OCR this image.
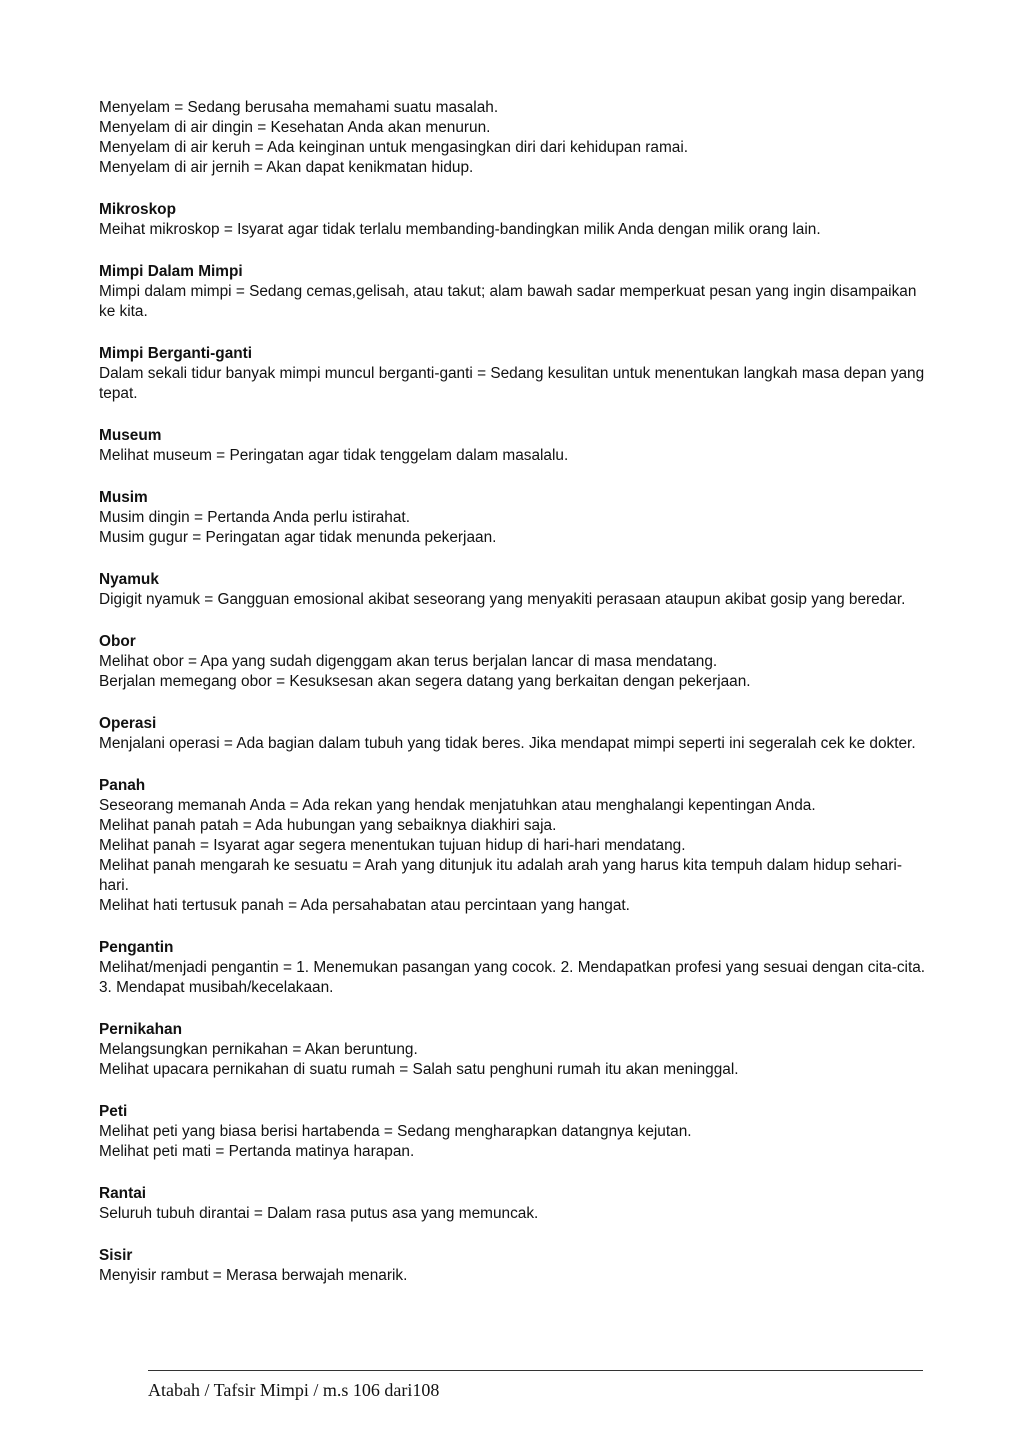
Menyelam = Sedang berusaha memahami suatu masalah.
Menyelam di air dingin = Kesehatan Anda akan menurun.
Menyelam di air keruh = Ada keinginan untuk mengasingkan diri dari kehidupan ramai.
Menyelam di air jernih = Akan dapat kenikmatan hidup.
Mikroskop
Meihat mikroskop = Isyarat agar tidak terlalu membanding-bandingkan milik Anda dengan milik orang lain.
Mimpi Dalam Mimpi
Mimpi dalam mimpi = Sedang cemas,gelisah, atau takut; alam bawah sadar memperkuat pesan yang ingin disampaikan ke kita.
Mimpi Berganti-ganti
Dalam sekali tidur banyak mimpi muncul berganti-ganti = Sedang kesulitan untuk menentukan langkah masa depan yang tepat.
Museum
Melihat museum = Peringatan agar tidak tenggelam dalam masalalu.
Musim
Musim dingin = Pertanda Anda perlu istirahat.
Musim gugur = Peringatan agar tidak menunda pekerjaan.
Nyamuk
Digigit nyamuk = Gangguan emosional akibat seseorang yang menyakiti perasaan ataupun akibat gosip yang beredar.
Obor
Melihat obor = Apa yang sudah digenggam akan terus berjalan lancar di masa mendatang.
Berjalan memegang obor = Kesuksesan akan segera datang yang berkaitan dengan pekerjaan.
Operasi
Menjalani operasi = Ada bagian dalam tubuh yang tidak beres. Jika mendapat mimpi seperti ini segeralah cek ke dokter.
Panah
Seseorang memanah Anda = Ada rekan yang hendak menjatuhkan atau menghalangi kepentingan Anda.
Melihat panah patah = Ada hubungan yang sebaiknya diakhiri saja.
Melihat panah = Isyarat agar segera menentukan tujuan hidup di hari-hari mendatang.
Melihat panah mengarah ke sesuatu = Arah yang ditunjuk itu adalah arah yang harus kita tempuh dalam hidup sehari-hari.
Melihat hati tertusuk panah = Ada persahabatan atau percintaan yang hangat.
Pengantin
Melihat/menjadi pengantin = 1. Menemukan pasangan yang cocok. 2. Mendapatkan profesi yang sesuai dengan cita-cita. 3. Mendapat musibah/kecelakaan.
Pernikahan
Melangsungkan pernikahan = Akan beruntung.
Melihat upacara pernikahan di suatu rumah = Salah satu penghuni rumah itu akan meninggal.
Peti
Melihat peti yang biasa berisi hartabenda = Sedang mengharapkan datangnya kejutan.
Melihat peti mati = Pertanda matinya harapan.
Rantai
Seluruh tubuh dirantai = Dalam rasa putus asa yang memuncak.
Sisir
Menyisir rambut = Merasa berwajah menarik.
Atabah / Tafsir Mimpi / m.s 106 dari108
